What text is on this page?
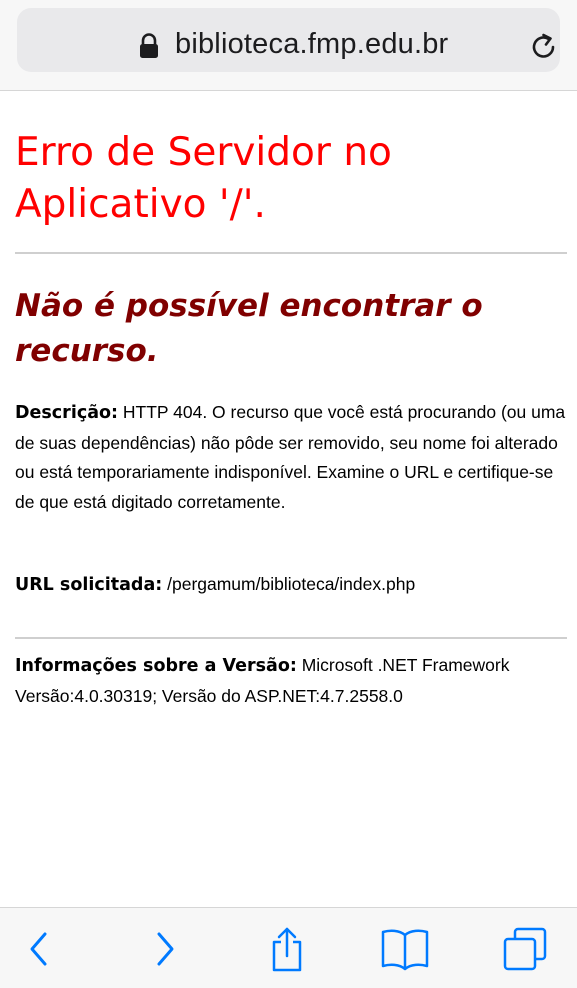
biblioteca.fmp.edu.br
Erro de Servidor no Aplicativo '/'.
Não é possível encontrar o recurso.

Descrição: HTTP 404. O recurso que você está procurando (ou uma de suas dependências) não pôde ser removido, seu nome foi alterado ou está temporariamente indisponível. Examine o URL e certifique-se de que está digitado corretamente.

URL solicitada: /pergamum/biblioteca/index.php

Informações sobre a Versão: Microsoft .NET Framework Versão:4.0.30319; Versão do ASP.NET:4.7.2558.0
